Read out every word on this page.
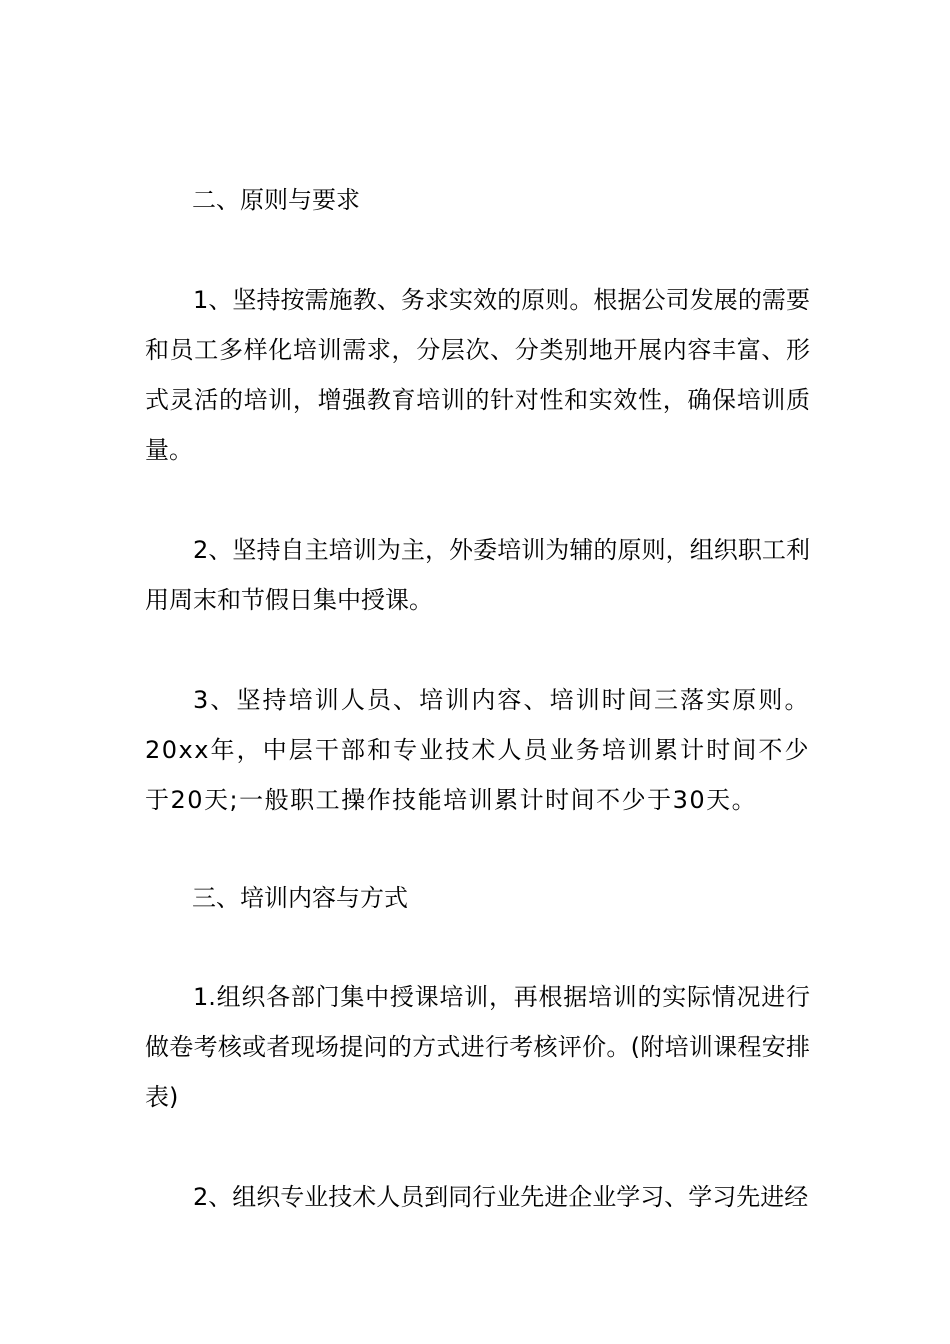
二、原则与要求
1、坚持按需施教、务求实效的原则。根据公司发展的需要和员工多样化培训需求，分层次、分类别地开展内容丰富、形式灵活的培训，增强教育培训的针对性和实效性，确保培训质量。
2、坚持自主培训为主，外委培训为辅的原则，组织职工利用周末和节假日集中授课。
3、坚持培训人员、培训内容、培训时间三落实原则。20xx年，中层干部和专业技术人员业务培训累计时间不少于20天;一般职工操作技能培训累计时间不少于30天。
三、培训内容与方式
1.组织各部门集中授课培训，再根据培训的实际情况进行做卷考核或者现场提问的方式进行考核评价。(附培训课程安排表)
2、组织专业技术人员到同行业先进企业学习、学习先进经
